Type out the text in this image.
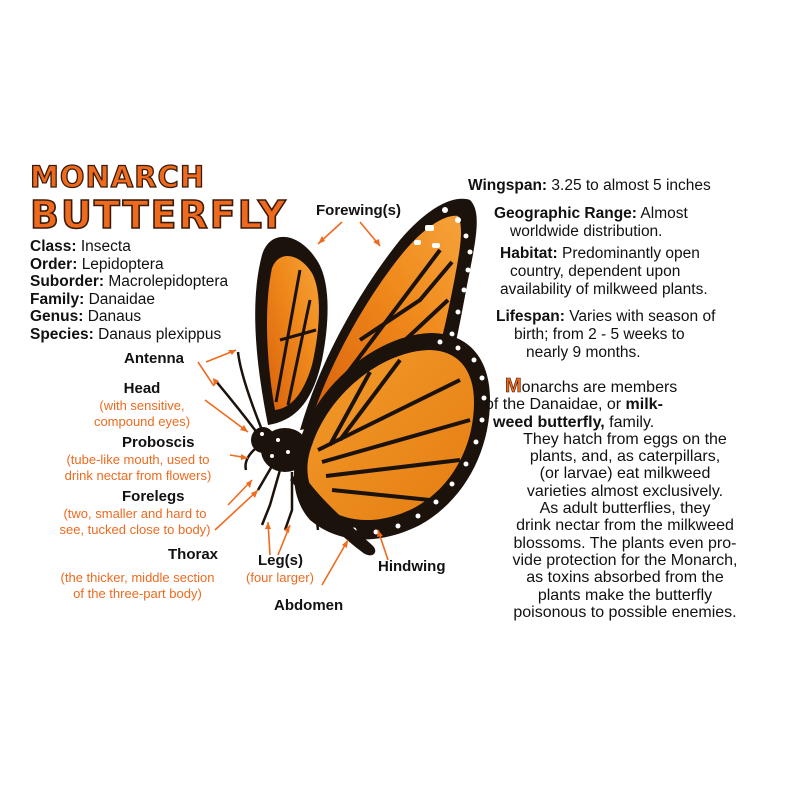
MONARCH
BUTTERFLY
Class: Insecta
Order: Lepidoptera
Suborder: Macrolepidoptera
Family: Danaidae
Genus: Danaus
Species: Danaus plexippus
Forewing(s)
Antenna
Head
(with sensitive,
compound eyes)
Proboscis
(tube-like mouth, used to
drink nectar from flowers)
Forelegs
(two, smaller and hard to
see, tucked close to body)
Thorax
(the thicker, middle section
of the three-part body)
Leg(s)
(four larger)
Abdomen
Hindwing
Wingspan: 3.25 to almost 5 inches
Geographic Range: Almost
worldwide distribution.
Habitat: Predominantly open
country, dependent upon
availability of milkweed plants.
Lifespan: Varies with season of
birth; from 2 - 5 weeks to
nearly 9 months.
Monarchs are members
of the Danaidae, or milk-
weed butterfly, family.
They hatch from eggs on the
plants, and, as caterpillars,
(or larvae) eat milkweed
varieties almost exclusively.
As adult butterflies, they
drink nectar from the milkweed
blossoms. The plants even pro-
vide protection for the Monarch,
as toxins absorbed from the
plants make the butterfly
poisonous to possible enemies.
